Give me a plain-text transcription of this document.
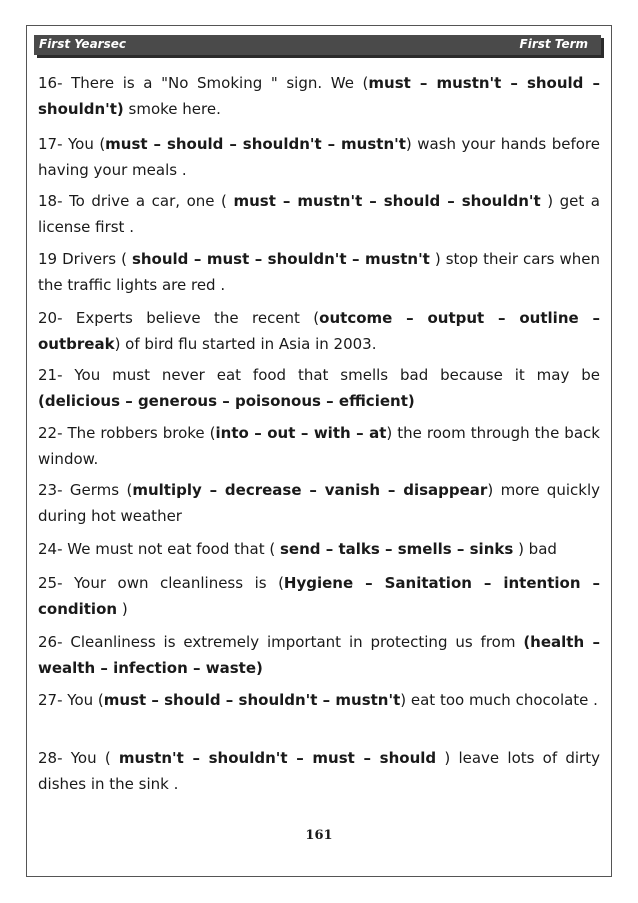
First Yearsec	First Term
16- There is a "No Smoking " sign. We (must – mustn't – should – shouldn't) smoke here.
17- You (must – should – shouldn't – mustn't) wash your hands before having your meals .
18- To drive a car, one ( must – mustn't – should – shouldn't ) get a license first .
19 Drivers ( should – must – shouldn't – mustn't ) stop their cars when the traffic lights are red .
20- Experts believe the recent (outcome – output – outline – outbreak) of bird flu started in Asia in 2003.
21- You must never eat food that smells bad because it may be (delicious – generous – poisonous – efficient)
22- The robbers broke (into – out – with – at) the room through the back window.
23- Germs (multiply – decrease – vanish – disappear) more quickly during hot weather
24- We must not eat food that ( send – talks – smells – sinks ) bad
25- Your own cleanliness is (Hygiene – Sanitation – intention – condition )
26- Cleanliness is extremely important in protecting us from (health – wealth – infection – waste)
27- You (must – should – shouldn't – mustn't) eat too much chocolate .
28- You ( mustn't – shouldn't – must – should ) leave lots of dirty dishes in the sink .
161
